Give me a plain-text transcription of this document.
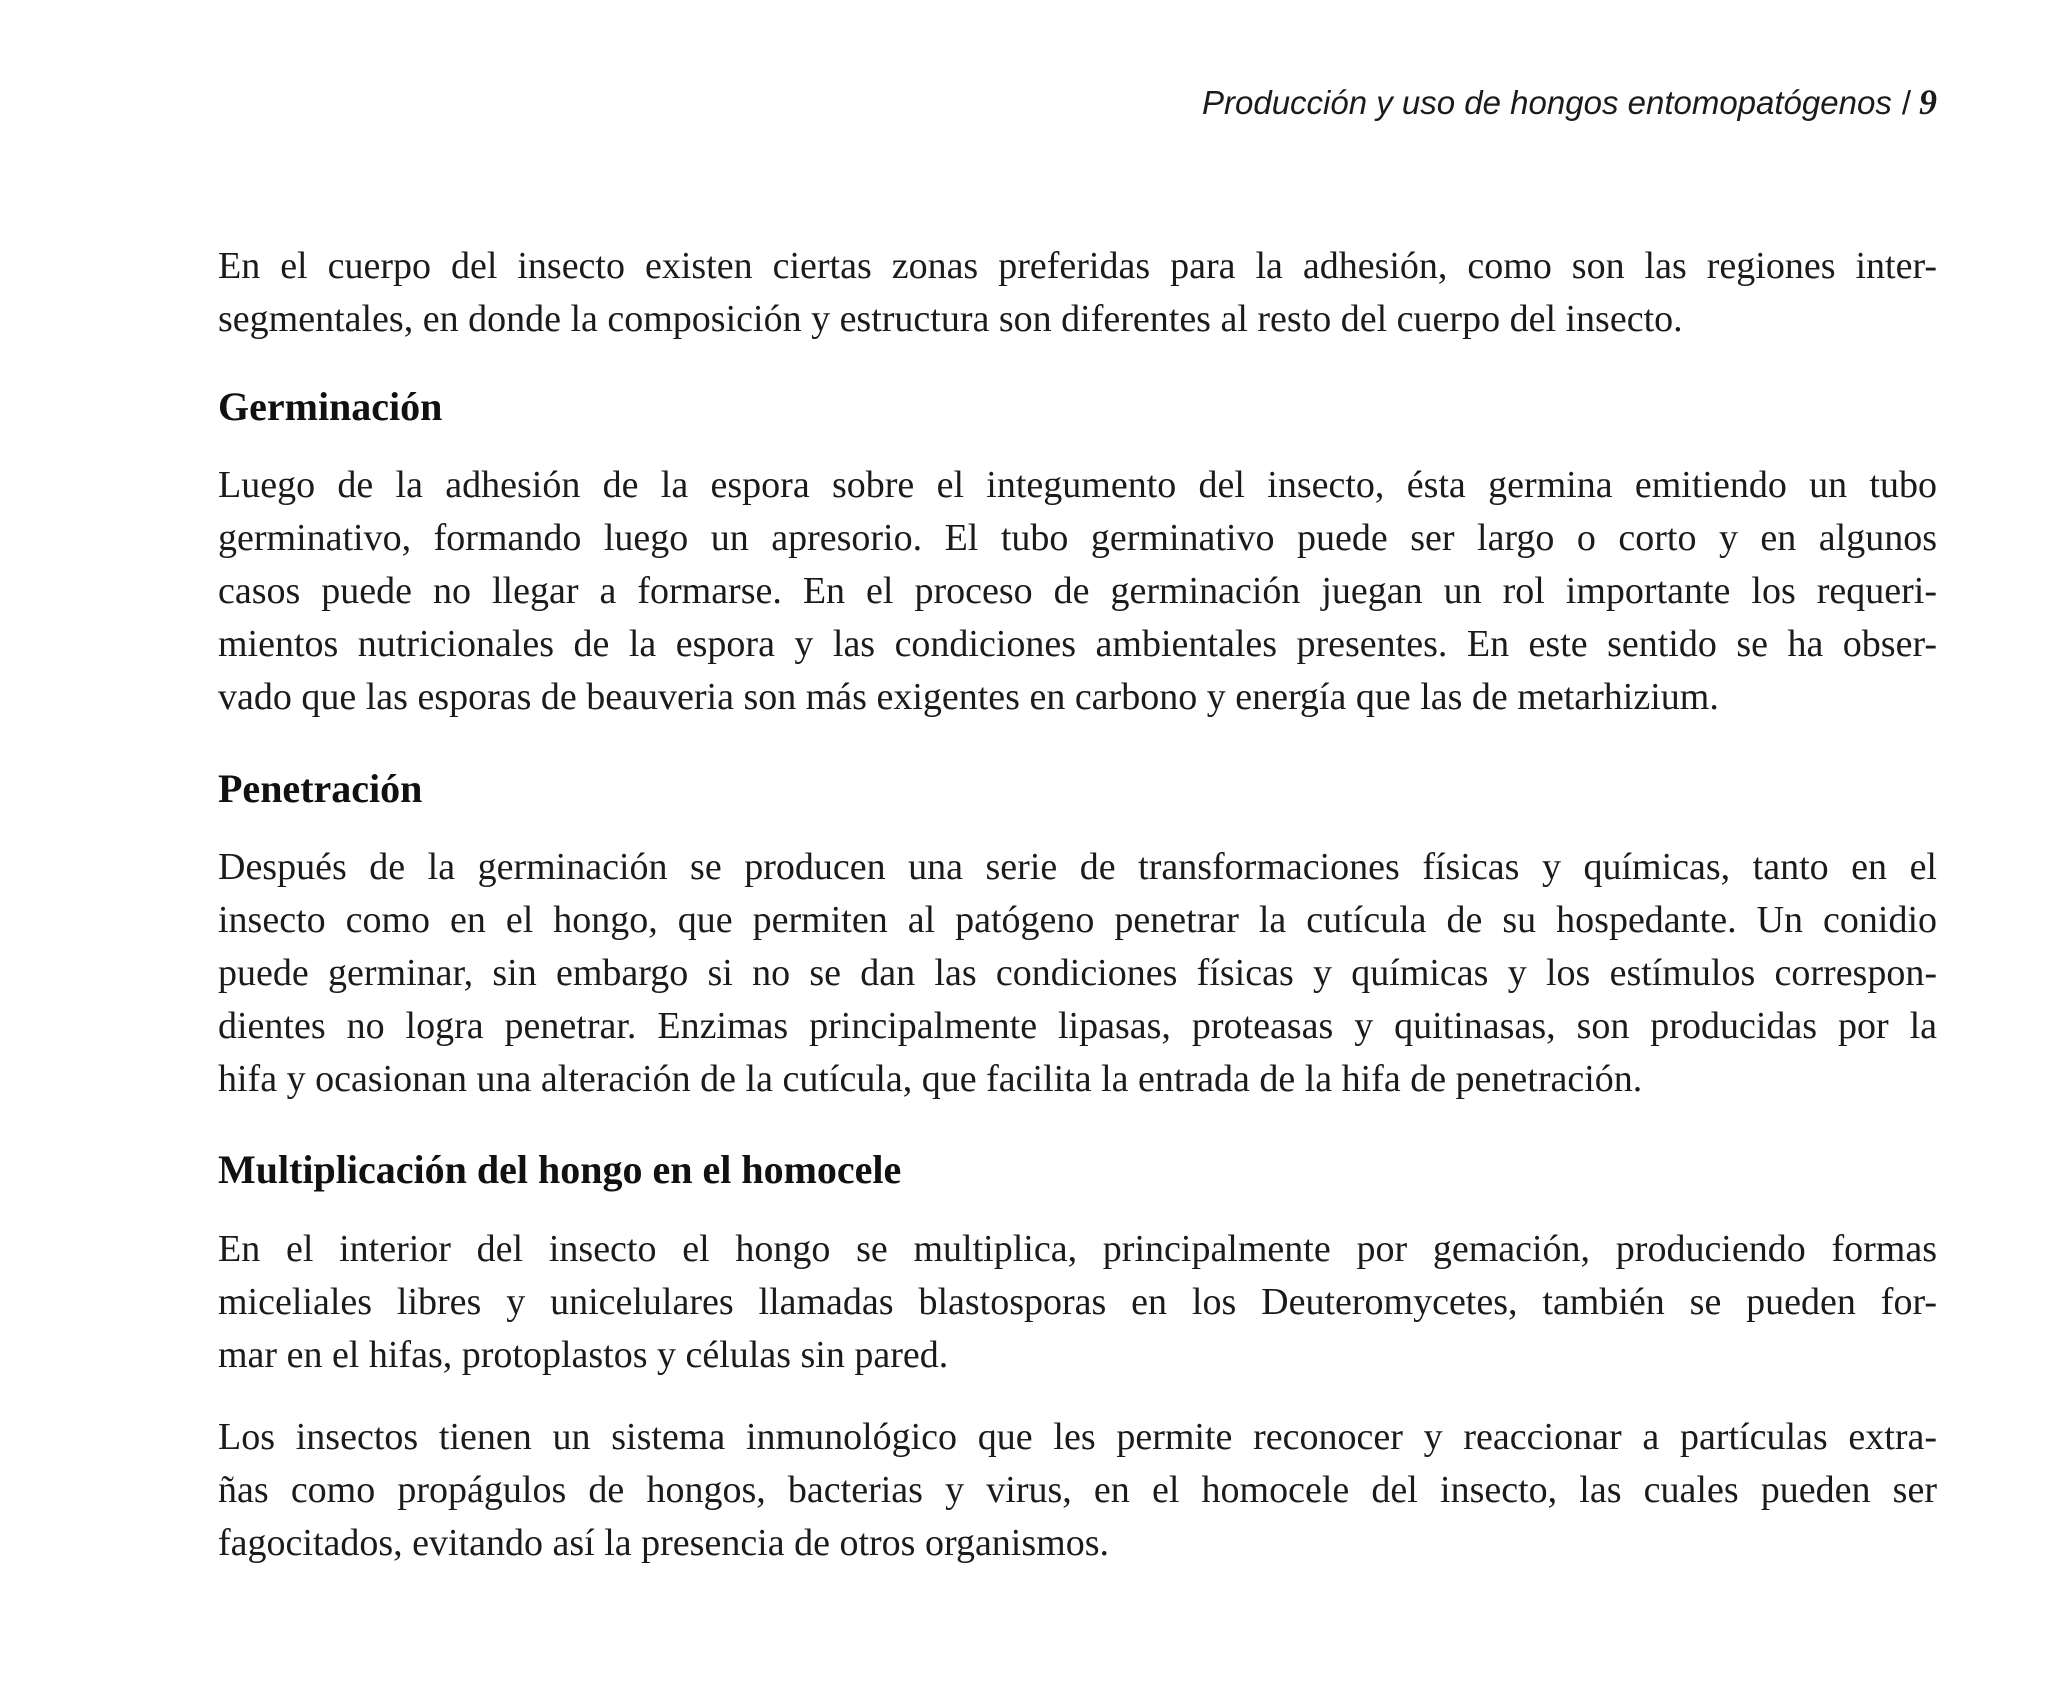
Producción y uso de hongos entomopatógenos / 9
En el cuerpo del insecto existen ciertas zonas preferidas para la adhesión, como son las regiones inter-
segmentales, en donde la composición y estructura son diferentes al resto del cuerpo del insecto.
Germinación
Luego de la adhesión de la espora sobre el integumento del insecto, ésta germina emitiendo un tubo
germinativo, formando luego un apresorio. El tubo germinativo puede ser largo o corto y en algunos
casos puede no llegar a formarse. En el proceso de germinación juegan un rol importante los requeri-
mientos nutricionales de la espora y las condiciones ambientales presentes. En este sentido se ha obser-
vado que las esporas de beauveria son más exigentes en carbono y energía que las de metarhizium.
Penetración
Después de la germinación se producen una serie de transformaciones físicas y químicas, tanto en el
insecto como en el hongo, que permiten al patógeno penetrar la cutícula de su hospedante. Un conidio
puede germinar, sin embargo si no se dan las condiciones físicas y químicas y los estímulos correspon-
dientes no logra penetrar. Enzimas principalmente lipasas, proteasas y quitinasas, son producidas por la
hifa y ocasionan una alteración de la cutícula, que facilita la entrada de la hifa de penetración.
Multiplicación del hongo en el homocele
En el interior del insecto el hongo se multiplica, principalmente por gemación, produciendo formas
miceliales libres y unicelulares llamadas blastosporas en los Deuteromycetes, también se pueden for-
mar en el hifas, protoplastos y células sin pared.
Los insectos tienen un sistema inmunológico que les permite reconocer y reaccionar a partículas extra-
ñas como propágulos de hongos, bacterias y virus, en el homocele del insecto, las cuales pueden ser
fagocitados, evitando así la presencia de otros organismos.
